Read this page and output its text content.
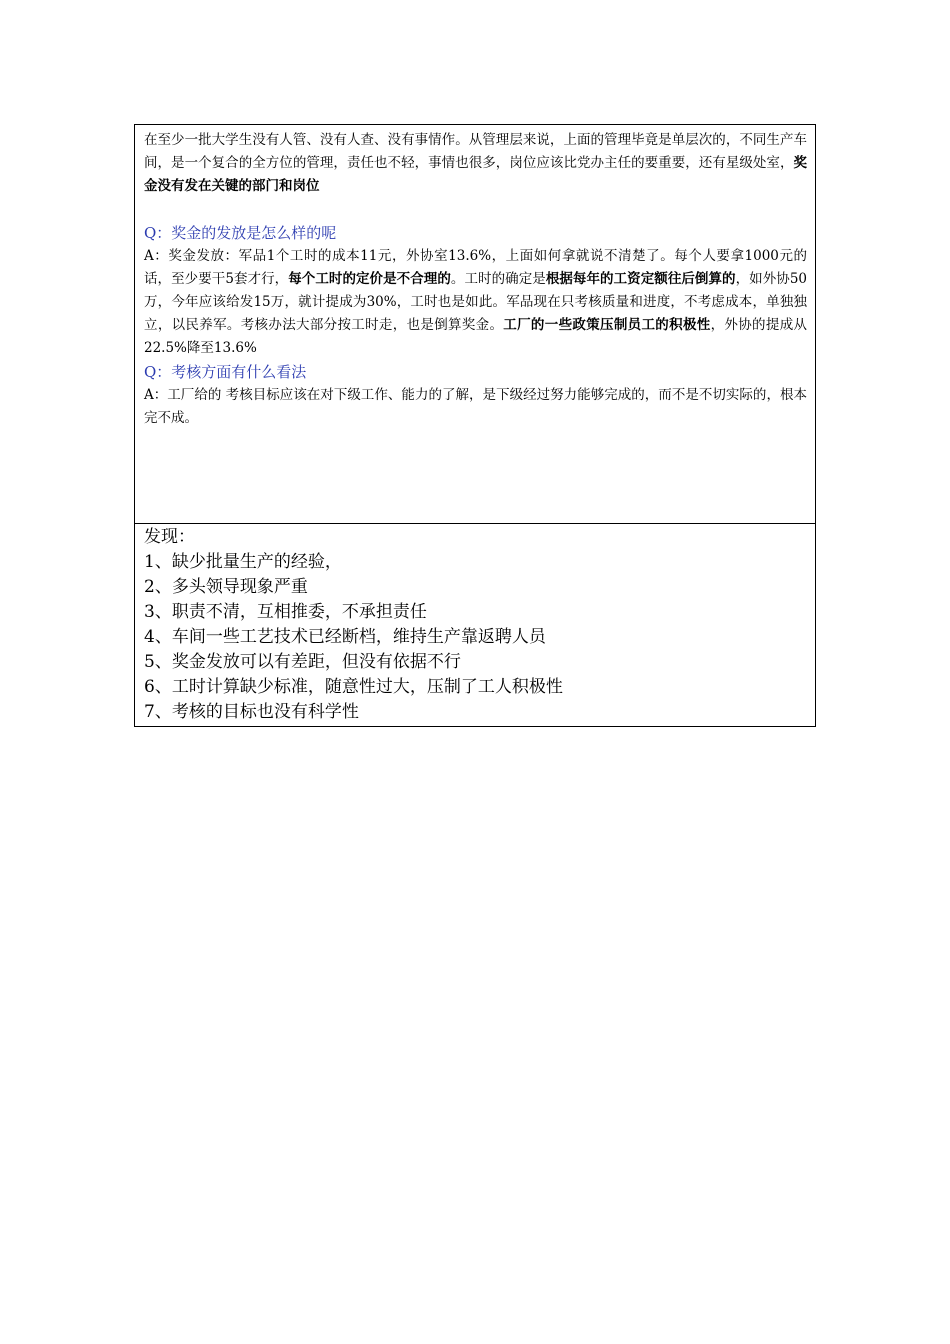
在至少一批大学生没有人管、没有人查、没有事情作。从管理层来说，上面的管理毕竟是单层次的，不同生产车间，是一个复合的全方位的管理，责任也不轻，事情也很多，岗位应该比党办主任的要重要，还有星级处室，奖金没有发在关键的部门和岗位

Q：奖金的发放是怎么样的呢

A：奖金发放：军品1个工时的成本11元，外协室13.6%，上面如何拿就说不清楚了。每个人要拿1000元的话，至少要干5套才行，每个工时的定价是不合理的。工时的确定是根据每年的工资定额往后倒算的，如外协50万，今年应该给发15万，就计提成为30%，工时也是如此。军品现在只考核质量和进度，不考虑成本，单独独立，以民养军。考核办法大部分按工时走，也是倒算奖金。工厂的一些政策压制员工的积极性，外协的提成从22.5%降至13.6%

Q：考核方面有什么看法

A：工厂给的 考核目标应该在对下级工作、能力的了解，是下级经过努力能够完成的，而不是不切实际的，根本完不成。

发现：

1、缺少批量生产的经验，

2、多头领导现象严重

3、职责不清，互相推委，不承担责任

4、车间一些工艺技术已经断档，维持生产靠返聘人员

5、奖金发放可以有差距，但没有依据不行

6、工时计算缺少标准，随意性过大，压制了工人积极性

7、考核的目标也没有科学性
